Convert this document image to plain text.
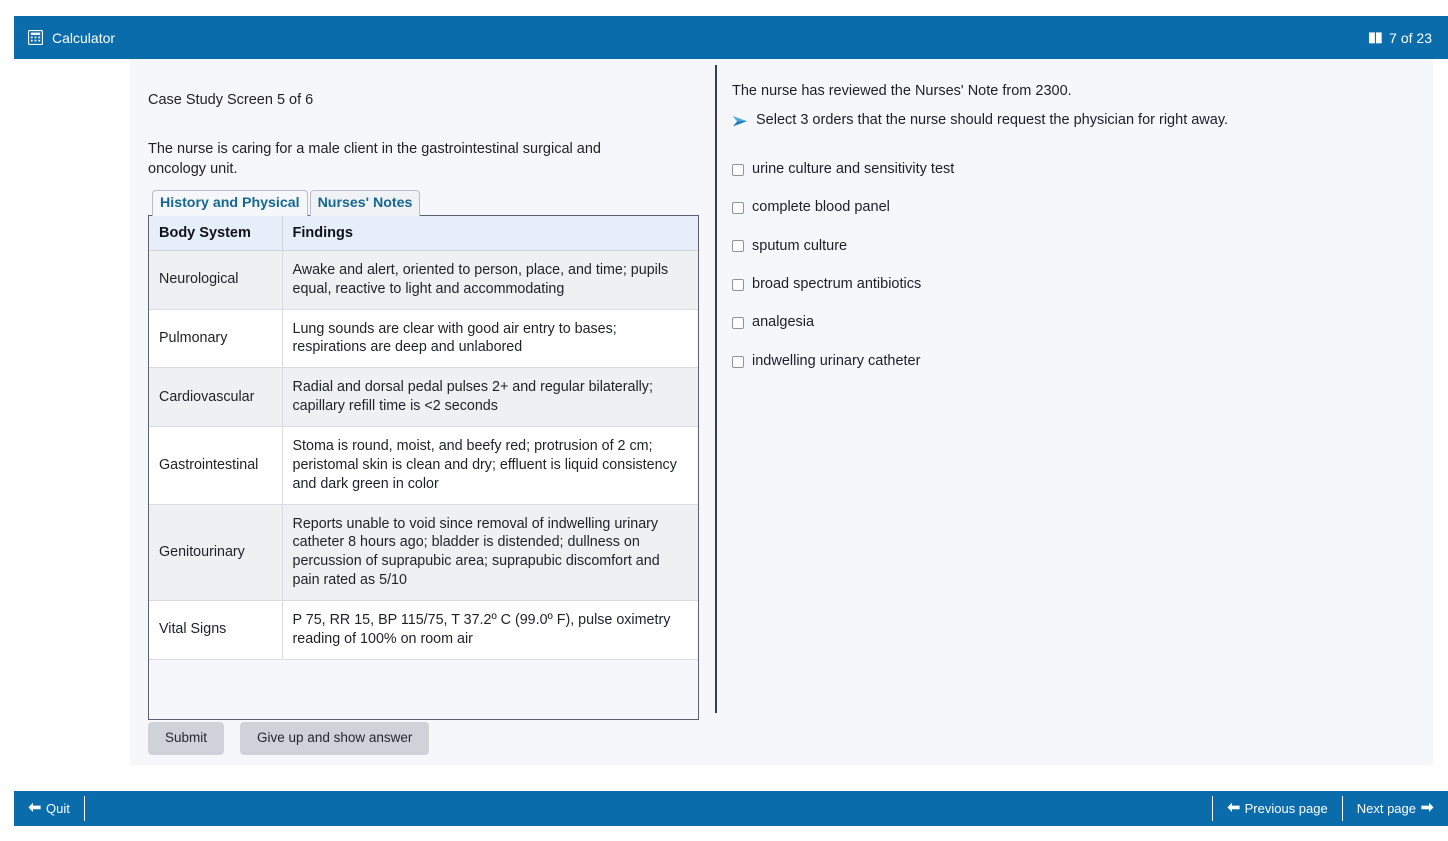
Calculator	7 of 23

Case Study Screen 5 of 6

The nurse is caring for a male client in the gastrointestinal surgical and oncology unit.

History and Physical	Nurses' Notes
Body System	Findings
Neurological	Awake and alert, oriented to person, place, and time; pupils equal, reactive to light and accommodating
Pulmonary	Lung sounds are clear with good air entry to bases; respirations are deep and unlabored
Cardiovascular	Radial and dorsal pedal pulses 2+ and regular bilaterally; capillary refill time is <2 seconds
Gastrointestinal	Stoma is round, moist, and beefy red; protrusion of 2 cm; peristomal skin is clean and dry; effluent is liquid consistency and dark green in color
Genitourinary	Reports unable to void since removal of indwelling urinary catheter 8 hours ago; bladder is distended; dullness on percussion of suprapubic area; suprapubic discomfort and pain rated as 5/10
Vital Signs	P 75, RR 15, BP 115/75, T 37.2º C (99.0º F), pulse oximetry reading of 100% on room air
Submit	Give up and show answer

The nurse has reviewed the Nurses' Note from 2300.

Select 3 orders that the nurse should request the physician for right away.
urine culture and sensitivity test
complete blood panel
sputum culture
broad spectrum antibiotics
analgesia
indwelling urinary catheter
Quit	Previous page Next page
